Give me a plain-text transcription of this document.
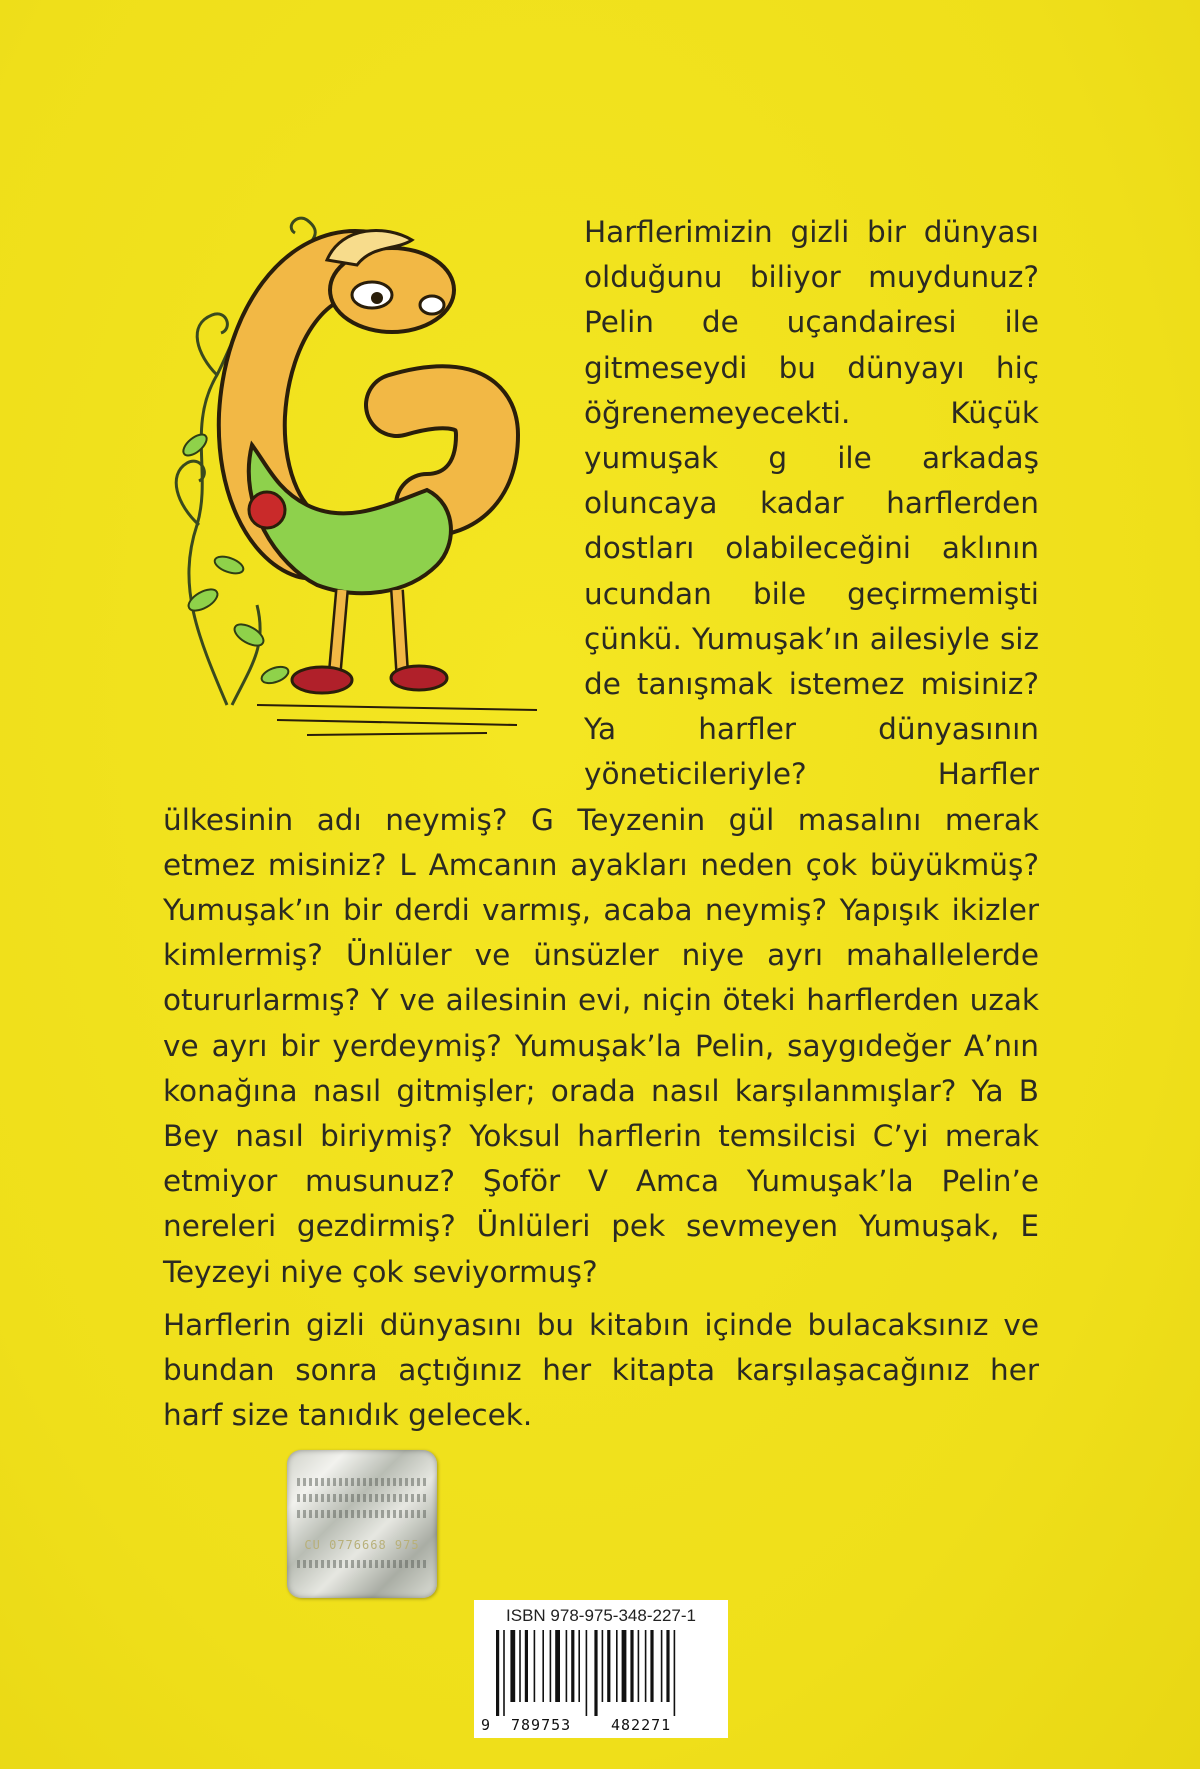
Harflerimizin gizli bir dünyası olduğunu biliyor muydunuz? Pelin de uçandairesi ile gitmeseydi bu dünyayı hiç öğrenemeyecekti. Küçük yumuşak g ile arkadaş oluncaya kadar harflerden dostları olabileceğini aklının ucundan bile geçirmemişti çünkü. Yumuşak’ın ailesiyle siz de tanışmak istemez misiniz? Ya harfler dünyasının yöneticileriyle? Harfler ülkesinin adı neymiş? G Teyzenin gül masalını merak etmez misiniz? L Amcanın ayakları neden çok büyükmüş? Yumuşak’ın bir derdi varmış, acaba neymiş? Yapışık ikizler kimlermiş? Ünlüler ve ünsüzler niye ayrı mahallelerde otururlarmış? Y ve ailesinin evi, niçin öteki harflerden uzak ve ayrı bir yerdeymiş? Yumuşak’la Pelin, saygıdeğer A’nın konağına nasıl gitmişler; orada nasıl karşılanmışlar? Ya B Bey nasıl biriymiş? Yoksul harflerin temsilcisi C’yi merak etmiyor musunuz? Şoför V Amca Yumuşak’la Pelin’e nereleri gezdirmiş? Ünlüleri pek sevmeyen Yumuşak, E Teyzeyi niye çok seviyormuş?

Harflerin gizli dünyasını bu kitabın içinde bulacaksınız ve bundan sonra açtığınız her kitapta karşılaşacağınız her harf size tanıdık gelecek.

CU 0776668 975
ISBN 978-975-348-227-1
9 789753	482271
